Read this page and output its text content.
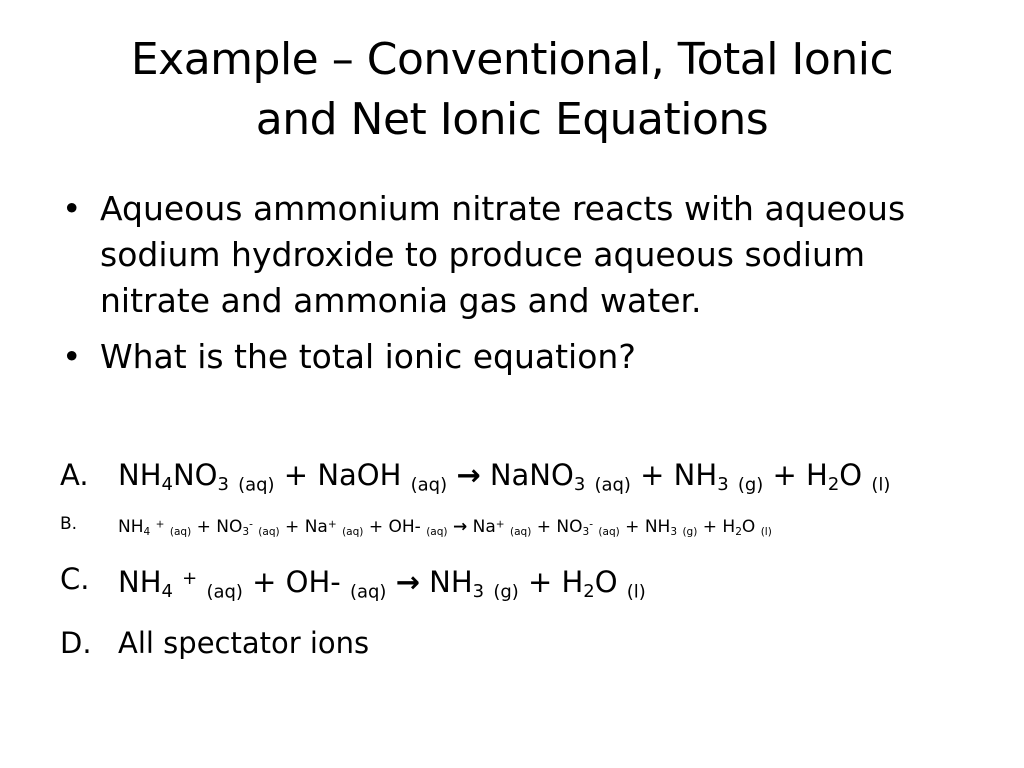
Example – Conventional, Total Ionic
and Net Ionic Equations
• Aqueous ammonium nitrate reacts with aqueous sodium hydroxide to produce aqueous sodium nitrate and ammonia gas and water.
• What is the total ionic equation?
A. $NH_4NO_3$ (aq) + NaOH (aq) → NaNO$_3$ $(aq) + NH_3$ $(g) + H_2O$ (l)
B. $NH_4$ + $(aq) + NO_3^-$ (aq) + Na+ (aq) + OH- (aq) → Na+ $(aq) + NO_3^-$ $(aq) + NH_3$ $(g) + H_2O$ (l)
C. $NH_4$ + (aq) + OH- $(aq) \to NH_3$ $(g) + H_2O$ (l)
D. All spectator ions
